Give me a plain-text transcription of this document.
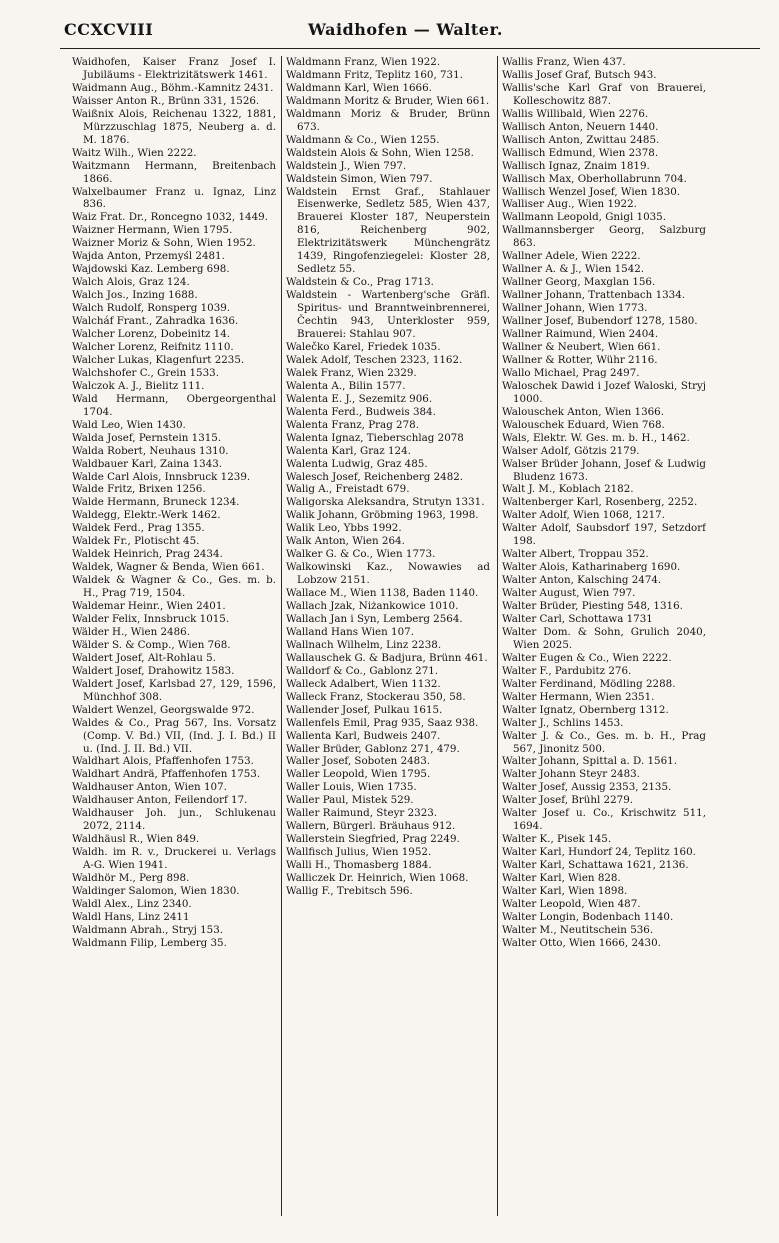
CCXCVIII	Waidhofen — Walter.

Waidhofen, Kaiser Franz Josef I. Jubiläums - Elektrizitätswerk 1461.

Waidmann Aug., Böhm.-Kamnitz 2431.

Waisser Anton R., Brünn 331, 1526.

Waißnix Alois, Reichenau 1322, 1881, Mürzzuschlag 1875, Neuberg a. d. M. 1876.

Waitz Wilh., Wien 2222.

Waitzmann Hermann, Breitenbach 1866.

Walxelbaumer Franz u. Ignaz, Linz 836.

Waiz Frat. Dr., Roncegno 1032, 1449.

Waizner Hermann, Wien 1795.

Waizner Moriz & Sohn, Wien 1952.

Wajda Anton, Przemyśl 2481.

Wajdowski Kaz. Lemberg 698.

Walch Alois, Graz 124.

Walch Jos., Inzing 1688.

Walch Rudolf, Ronsperg 1039.

Walcháf Frant., Zahradka 1636.

Walcher Lorenz, Dobeinitz 14.

Walcher Lorenz, Reifnitz 1110.

Walcher Lukas, Klagenfurt 2235.

Walchshofer C., Grein 1533.

Walczok A. J., Bielitz 111.

Wald Hermann, Obergeorgenthal 1704.

Wald Leo, Wien 1430.

Walda Josef, Pernstein 1315.

Walda Robert, Neuhaus 1310.

Waldbauer Karl, Zaina 1343.

Walde Carl Alois, Innsbruck 1239.

Walde Fritz, Brixen 1256.

Walde Hermann, Bruneck 1234.

Waldegg, Elektr.-Werk 1462.

Waldek Ferd., Prag 1355.

Waldek Fr., Plotischt 45.

Waldek Heinrich, Prag 2434.

Waldek, Wagner & Benda, Wien 661.

Waldek & Wagner & Co., Ges. m. b. H., Prag 719, 1504.

Waldemar Heinr., Wien 2401.

Walder Felix, Innsbruck 1015.

Wälder H., Wien 2486.

Wälder S. & Comp., Wien 768.

Waldert Josef, Alt-Rohlau 5.

Waldert Josef, Drahowitz 1583.

Waldert Josef, Karlsbad 27, 129, 1596, Münchhof 308.

Waldert Wenzel, Georgswalde 972.

Waldes & Co., Prag 567, Ins. Vorsatz (Comp. V. Bd.) VII, (Ind. J. I. Bd.) II u. (Ind. J. II. Bd.) VII.

Waldhart Alois, Pfaffenhofen 1753.

Waldhart Andrä, Pfaffenhofen 1753.

Waldhauser Anton, Wien 107.

Waldhauser Anton, Feilendorf 17.

Waldhauser Joh. jun., Schlukenau 2072, 2114.

Waldhäusl R., Wien 849.

Waldh. im R. v., Druckerei u. Verlags A-G. Wien 1941.

Waldhör M., Perg 898.

Waldinger Salomon, Wien 1830.

Waldl Alex., Linz 2340.

Waldl Hans, Linz 2411

Waldmann Abrah., Stryj 153.

Waldmann Filip, Lemberg 35.

Waldmann Franz, Wien 1922.

Waldmann Fritz, Teplitz 160, 731.

Waldmann Karl, Wien 1666.

Waldmann Moritz & Bruder, Wien 661.

Waldmann Moriz & Bruder, Brünn 673.

Waldmann & Co., Wien 1255.

Waldstein Alois & Sohn, Wien 1258.

Waldstein J., Wien 797.

Waldstein Simon, Wien 797.

Waldstein Ernst Graf., Stahlauer Eisenwerke, Sedletz 585, Wien 437, Brauerei Kloster 187, Neuperstein 816, Reichenberg 902, Elektrizitätswerk Münchengrätz 1439, Ringofenziegelei: Kloster 28, Sedletz 55.

Waldstein & Co., Prag 1713.

Waldstein - Wartenberg'sche Gräfl. Spiritus- und Branntweinbrennerei, Čechtin 943, Unterkloster 959, Brauerei: Stahlau 907.

Walečko Karel, Friedek 1035.

Walek Adolf, Teschen 2323, 1162.

Walek Franz, Wien 2329.

Walenta A., Bilin 1577.

Walenta E. J., Sezemitz 906.

Walenta Ferd., Budweis 384.

Walenta Franz, Prag 278.

Walenta Ignaz, Tieberschlag 2078

Walenta Karl, Graz 124.

Walenta Ludwig, Graz 485.

Walesch Josef, Reichenberg 2482.

Walig A., Freistadt 679.

Waligorska Aleksandra, Strutyn 1331.

Walik Johann, Gröbming 1963, 1998.

Walik Leo, Ybbs 1992.

Walk Anton, Wien 264.

Walker G. & Co., Wien 1773.

Walkowinski Kaz., Nowawies ad Lobzow 2151.

Wallace M., Wien 1138, Baden 1140.

Wallach Jzak, Niżankowice 1010.

Wallach Jan i Syn, Lemberg 2564.

Walland Hans Wien 107.

Wallnach Wilhelm, Linz 2238.

Wallauschek G. & Badjura, Brünn 461.

Walldorf & Co., Gablonz 271.

Walleck Adalbert, Wien 1132.

Walleck Franz, Stockerau 350, 58.

Wallender Josef, Pulkau 1615.

Wallenfels Emil, Prag 935, Saaz 938.

Wallenta Karl, Budweis 2407.

Waller Brüder, Gablonz 271, 479.

Waller Josef, Soboten 2483.

Waller Leopold, Wien 1795.

Waller Louis, Wien 1735.

Waller Paul, Mistek 529.

Waller Raimund, Steyr 2323.

Wallern, Bürgerl. Bräuhaus 912.

Wallerstein Siegfried, Prag 2249.

Wallfisch Julius, Wien 1952.

Walli H., Thomasberg 1884.

Walliczek Dr. Heinrich, Wien 1068.

Wallig F., Trebitsch 596.

Wallis Franz, Wien 437.

Wallis Josef Graf, Butsch 943.

Wallis'sche Karl Graf von Brauerei, Kolleschowitz 887.

Wallis Willibald, Wien 2276.

Wallisch Anton, Neuern 1440.

Wallisch Anton, Zwittau 2485.

Wallisch Edmund, Wien 2378.

Wallisch Ignaz, Znaim 1819.

Wallisch Max, Oberhollabrunn 704.

Wallisch Wenzel Josef, Wien 1830.

Walliser Aug., Wien 1922.

Wallmann Leopold, Gnigl 1035.

Wallmannsberger Georg, Salzburg 863.

Wallner Adele, Wien 2222.

Wallner A. & J., Wien 1542.

Wallner Georg, Maxglan 156.

Wallner Johann, Trattenbach 1334.

Wallner Johann, Wien 1773.

Wallner Josef, Bubendorf 1278, 1580.

Wallner Raimund, Wien 2404.

Wallner & Neubert, Wien 661.

Wallner & Rotter, Wühr 2116.

Wallo Michael, Prag 2497.

Waloschek Dawid i Jozef Waloski, Stryj 1000.

Walouschek Anton, Wien 1366.

Walouschek Eduard, Wien 768.

Wals, Elektr. W. Ges. m. b. H., 1462.

Walser Adolf, Götzis 2179.

Walser Brüder Johann, Josef & Ludwig Bludenz 1673.

Walt J. M., Koblach 2182.

Waltenberger Karl, Rosenberg, 2252.

Walter Adolf, Wien 1068, 1217.

Walter Adolf, Saubsdorf 197, Setzdorf 198.

Walter Albert, Troppau 352.

Walter Alois, Katharinaberg 1690.

Walter Anton, Kalsching 2474.

Walter August, Wien 797.

Walter Brüder, Piesting 548, 1316.

Walter Carl, Schottawa 1731

Walter Dom. & Sohn, Grulich 2040, Wien 2025.

Walter Eugen & Co., Wien 2222.

Walter F., Pardubitz 276.

Walter Ferdinand, Mödling 2288.

Walter Hermann, Wien 2351.

Walter Ignatz, Obernberg 1312.

Walter J., Schlins 1453.

Walter J. & Co., Ges. m. b. H., Prag 567, Jinonitz 500.

Walter Johann, Spittal a. D. 1561.

Walter Johann Steyr 2483.

Walter Josef, Aussig 2353, 2135.

Walter Josef, Brühl 2279.

Walter Josef u. Co., Krischwitz 511, 1694.

Walter K., Pisek 145.

Walter Karl, Hundorf 24, Teplitz 160.

Walter Karl, Schattawa 1621, 2136.

Walter Karl, Wien 828.

Walter Karl, Wien 1898.

Walter Leopold, Wien 487.

Walter Longin, Bodenbach 1140.

Walter M., Neutitschein 536.

Walter Otto, Wien 1666, 2430.
